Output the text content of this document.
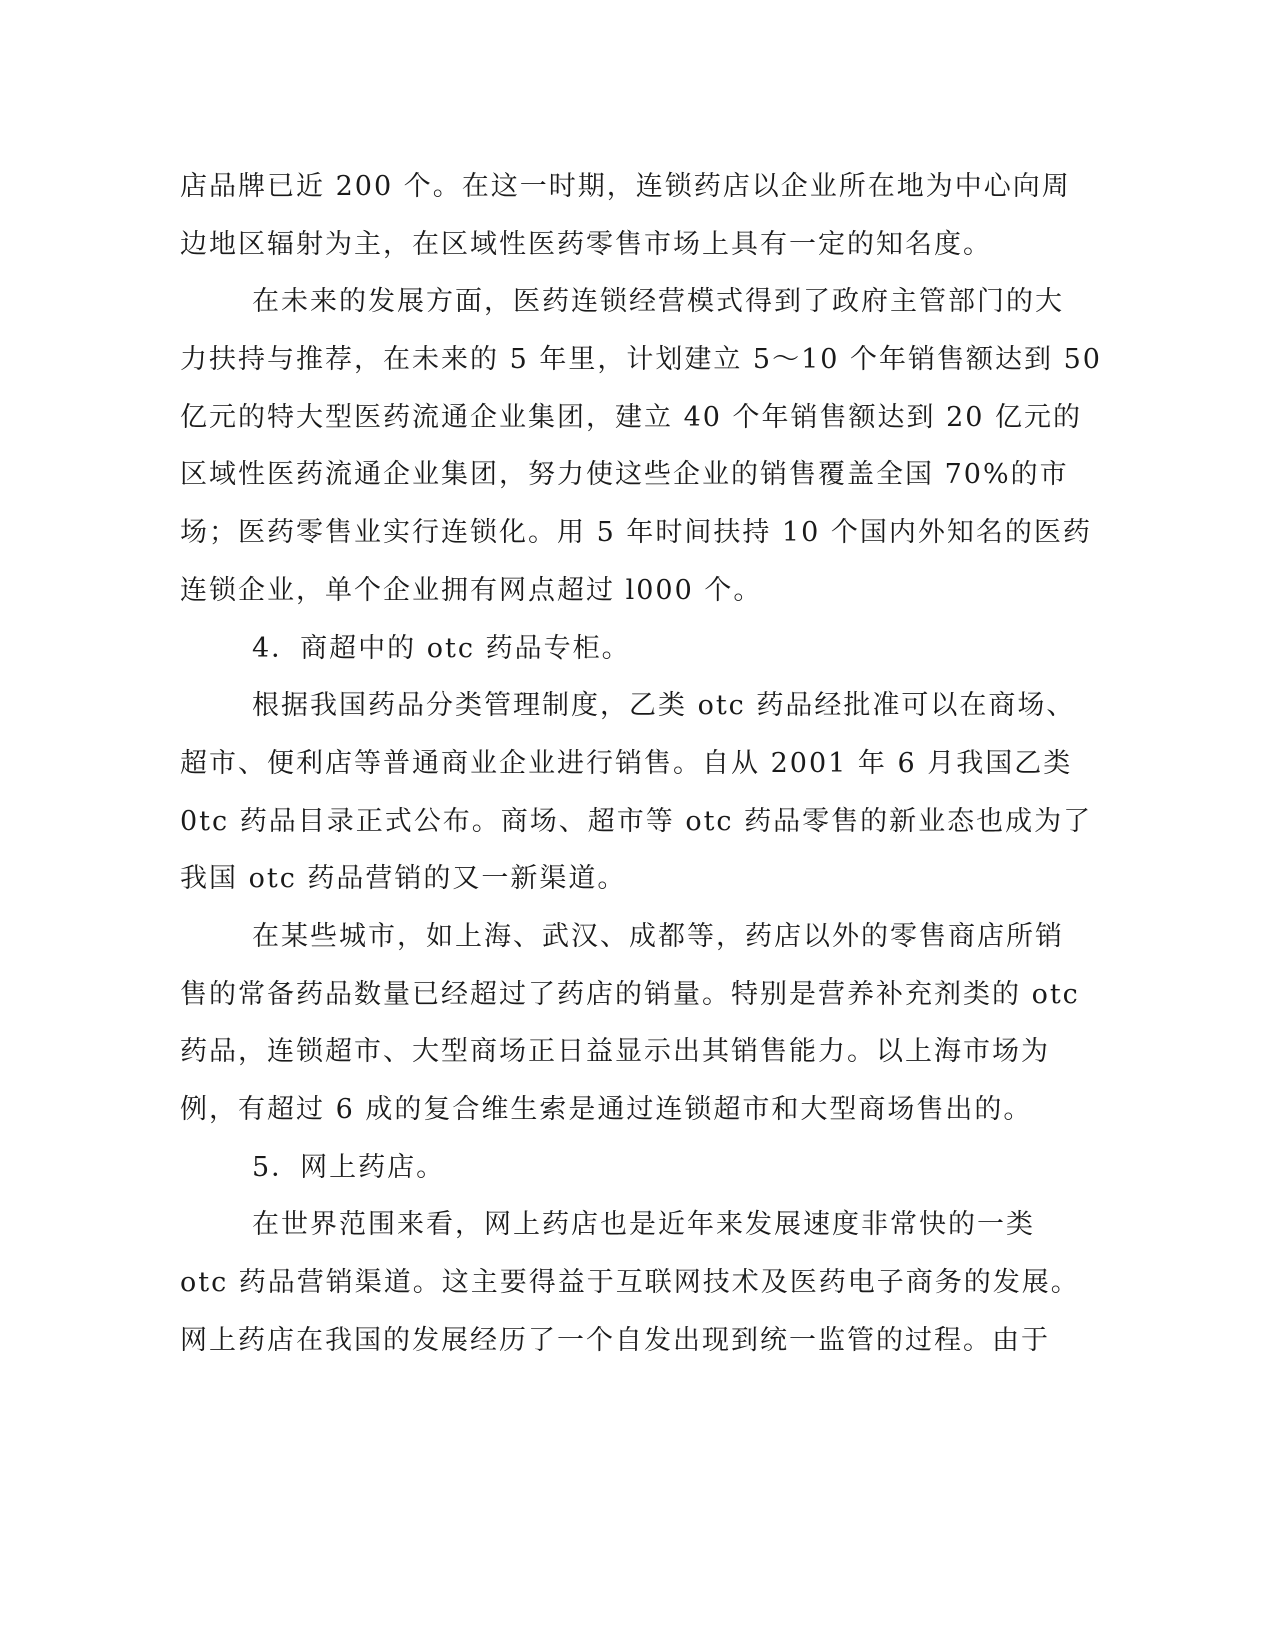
店品牌已近 200 个。在这一时期，连锁药店以企业所在地为中心向周
边地区辐射为主，在区域性医药零售市场上具有一定的知名度。
在未来的发展方面，医药连锁经营模式得到了政府主管部门的大
力扶持与推荐，在未来的 5 年里，计划建立 5～10 个年销售额达到 50
亿元的特大型医药流通企业集团，建立 40 个年销售额达到 20 亿元的
区域性医药流通企业集团，努力使这些企业的销售覆盖全国 70%的市
场；医药零售业实行连锁化。用 5 年时间扶持 10 个国内外知名的医药
连锁企业，单个企业拥有网点超过 l000 个。
4．商超中的 otc 药品专柜。
根据我国药品分类管理制度，乙类 otc 药品经批准可以在商场、
超市、便利店等普通商业企业进行销售。自从 2001 年 6 月我国乙类
0tc 药品目录正式公布。商场、超市等 otc 药品零售的新业态也成为了
我国 otc 药品营销的又一新渠道。
在某些城市，如上海、武汉、成都等，药店以外的零售商店所销
售的常备药品数量已经超过了药店的销量。特别是营养补充剂类的 otc
药品，连锁超市、大型商场正日益显示出其销售能力。以上海市场为
例，有超过 6 成的复合维生索是通过连锁超市和大型商场售出的。
5．网上药店。
在世界范围来看，网上药店也是近年来发展速度非常快的一类
otc 药品营销渠道。这主要得益于互联网技术及医药电子商务的发展。
网上药店在我国的发展经历了一个自发出现到统一监管的过程。由于
